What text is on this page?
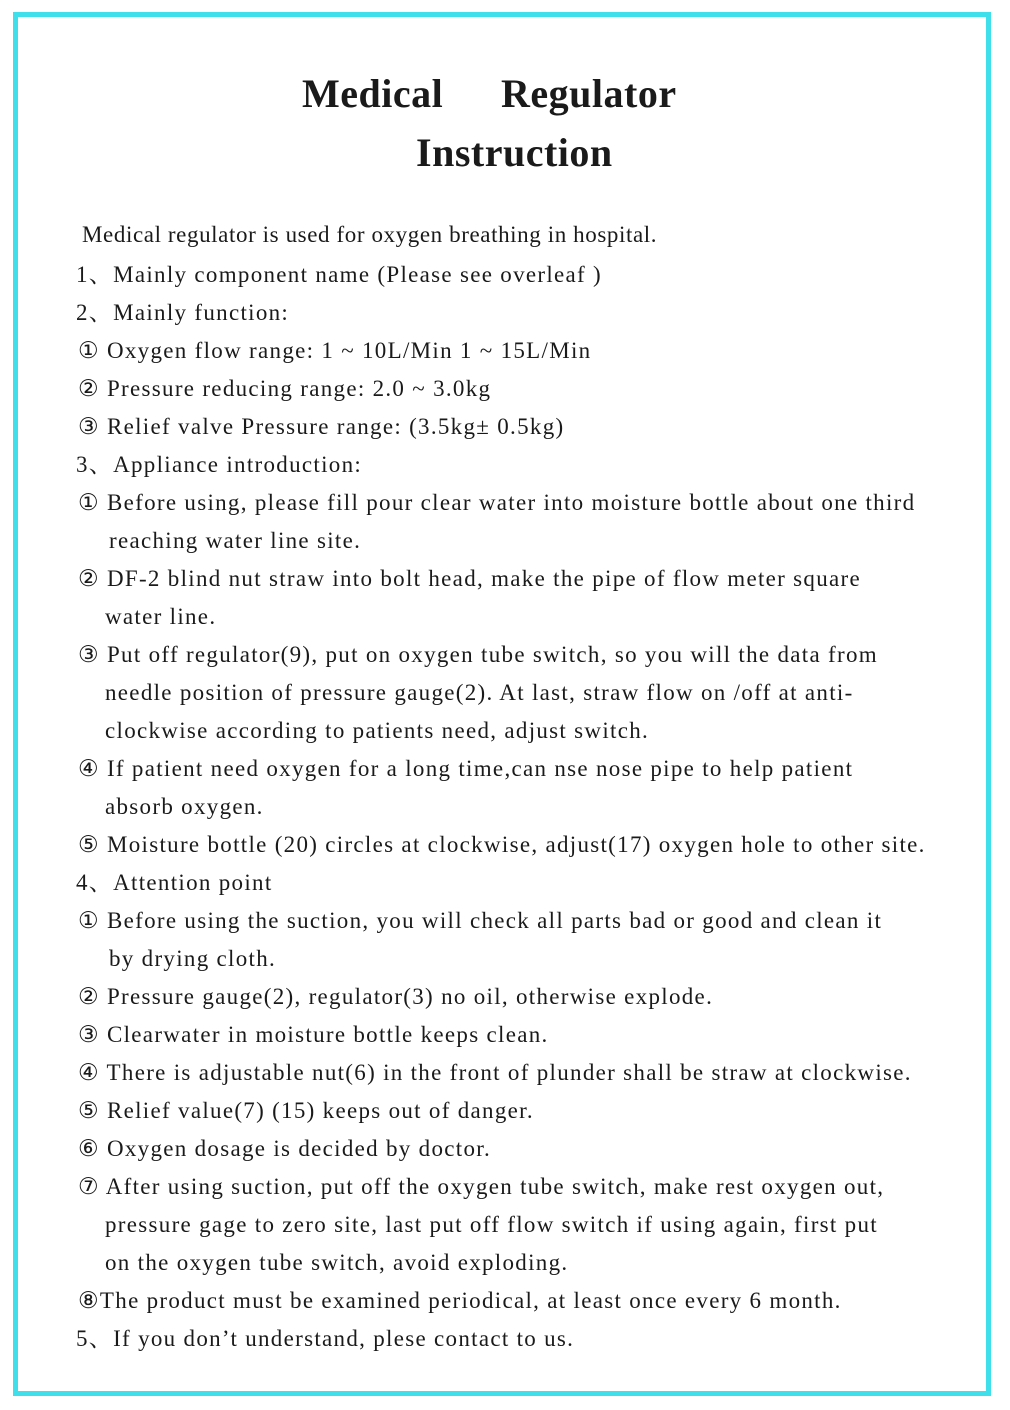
Medical Regulator
Instruction
Medical regulator is used for oxygen breathing in hospital.
1、Mainly component name (Please see overleaf )
2、Mainly function:
① Oxygen flow range: 1 ~ 10L/Min 1 ~ 15L/Min
② Pressure reducing range: 2.0 ~ 3.0kg
③ Relief valve Pressure range: (3.5kg± 0.5kg)
3、Appliance introduction:
① Before using, please fill pour clear water into moisture bottle about one third
reaching water line site.
② DF-2 blind nut straw into bolt head, make the pipe of flow meter square
water line.
③ Put off regulator(9), put on oxygen tube switch, so you will the data from
needle position of pressure gauge(2). At last, straw flow on /off at anti-
clockwise according to patients need, adjust switch.
④ If patient need oxygen for a long time,can nse nose pipe to help patient
absorb oxygen.
⑤ Moisture bottle (20) circles at clockwise, adjust(17) oxygen hole to other site.
4、Attention point
① Before using the suction, you will check all parts bad or good and clean it
by drying cloth.
② Pressure gauge(2), regulator(3) no oil, otherwise explode.
③ Clearwater in moisture bottle keeps clean.
④ There is adjustable nut(6) in the front of plunder shall be straw at clockwise.
⑤ Relief value(7) (15) keeps out of danger.
⑥ Oxygen dosage is decided by doctor.
⑦ After using suction, put off the oxygen tube switch, make rest oxygen out,
pressure gage to zero site, last put off flow switch if using again, first put
on the oxygen tube switch, avoid exploding.
⑧The product must be examined periodical, at least once every 6 month.
5、If you don’t understand, plese contact to us.
